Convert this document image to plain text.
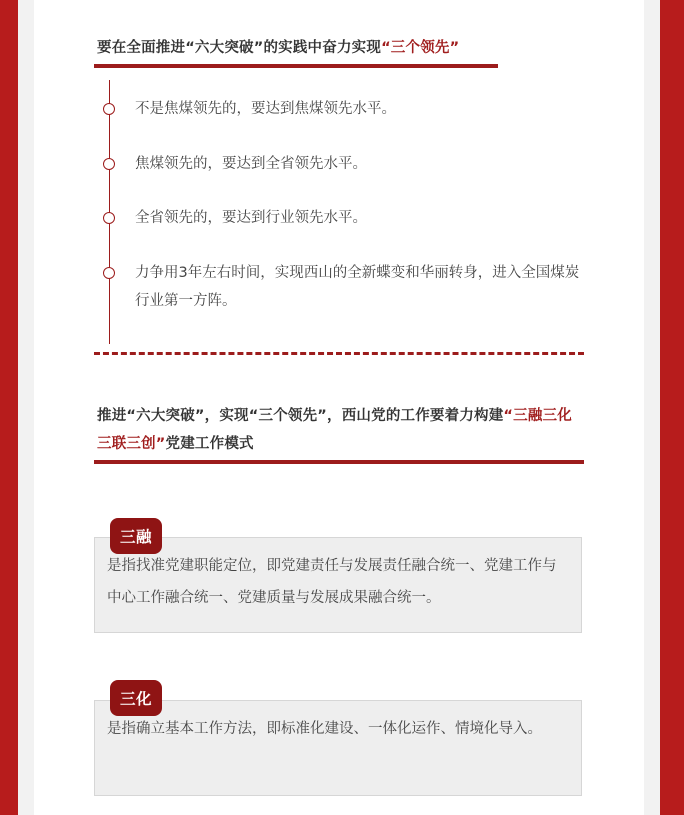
要在全面推进“六大突破”的实践中奋力实现“三个领先”
不是焦煤领先的，要达到焦煤领先水平。
焦煤领先的，要达到全省领先水平。
全省领先的，要达到行业领先水平。
力争用3年左右时间，实现西山的全新蝶变和华丽转身，进入全国煤炭行业第一方阵。
推进“六大突破”，实现“三个领先”，西山党的工作要着力构建“三融三化三联三创”党建工作模式
是指找准党建职能定位，即党建责任与发展责任融合统一、党建工作与中心工作融合统一、党建质量与发展成果融合统一。
三融
是指确立基本工作方法，即标准化建设、一体化运作、情境化导入。
三化
